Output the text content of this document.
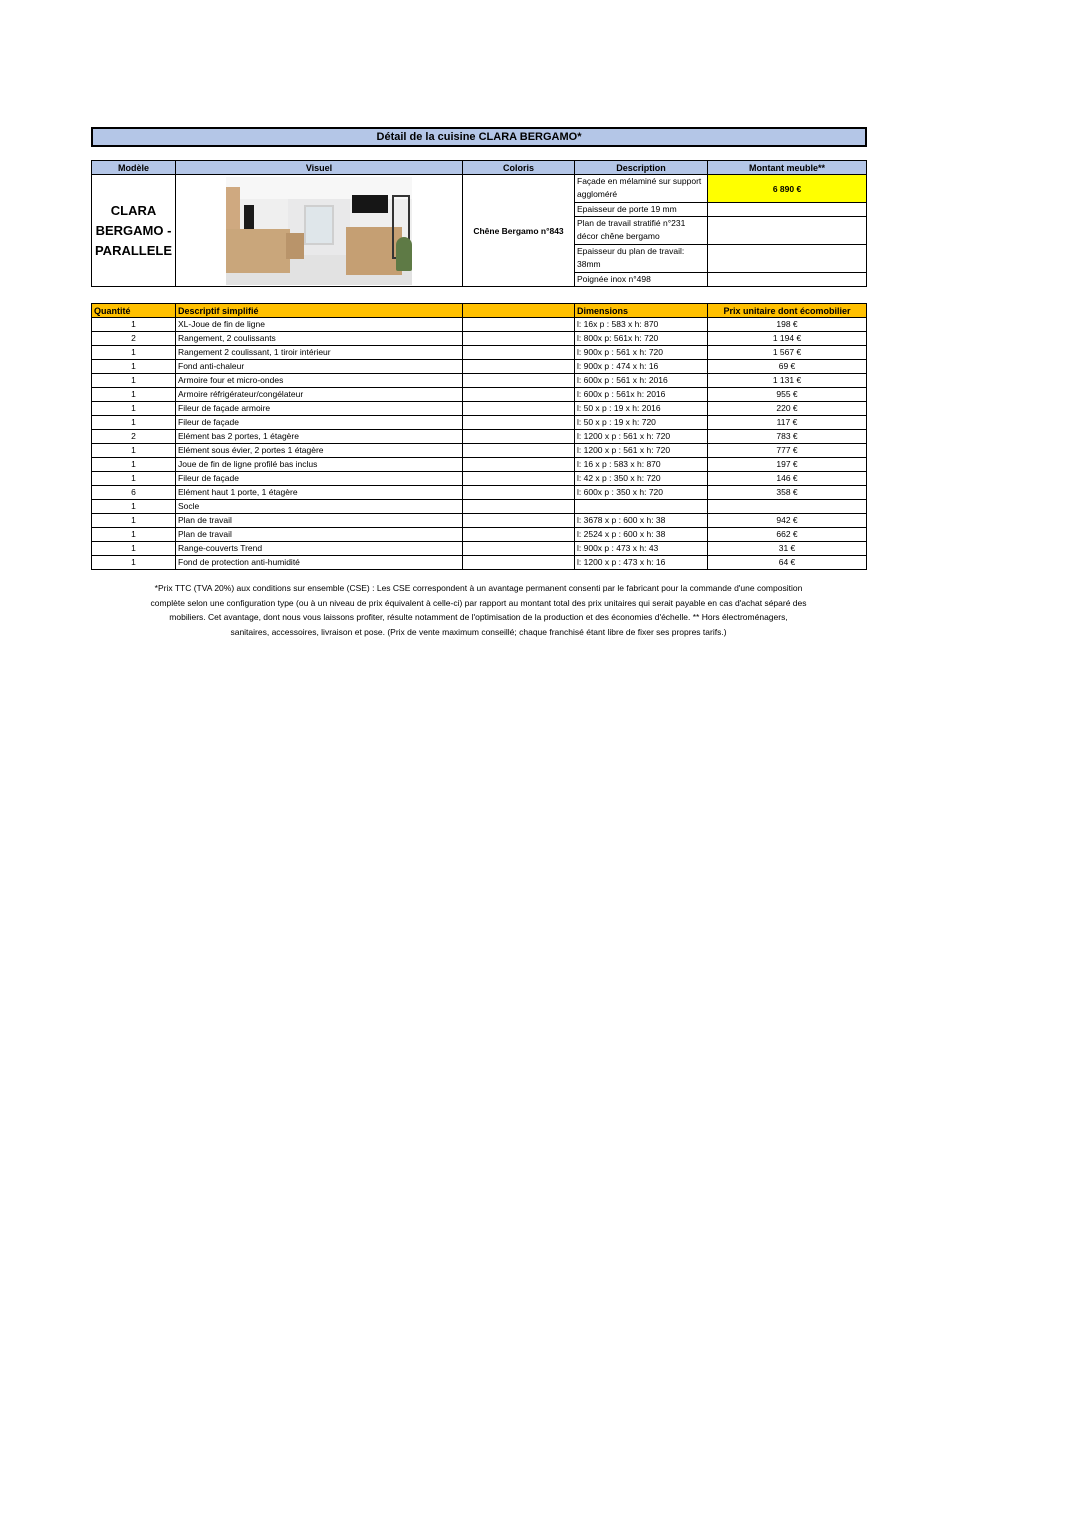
Détail de la cuisine CLARA BERGAMO*
Modèle	Visuel	Coloris	Description	Montant meuble**
CLARA BERGAMO - PARALLELE		Chêne Bergamo n°843	Façade en mélaminé sur support aggloméré	6 890 €
			Epaisseur de porte 19 mm	
			Plan de travail stratifié n°231 décor chêne bergamo	
			Epaisseur du plan de travail: 38mm	
			Poignée inox n°498	
Quantité	Descriptif simplifié		Dimensions	Prix unitaire dont écomobilier
1	XL-Joue de fin de ligne		l: 16x p : 583 x h: 870	198 €
2	Rangement, 2 coulissants		l: 800x p: 561x h: 720	1 194 €
1	Rangement 2 coulissant, 1 tiroir intérieur		l: 900x p : 561 x h: 720	1 567 €
1	Fond anti-chaleur		l: 900x p : 474 x h: 16	69 €
1	Armoire four et micro-ondes		l: 600x p : 561 x h: 2016	1 131 €
1	Armoire réfrigérateur/congélateur		l: 600x p : 561x h: 2016	955 €
1	Fileur de façade armoire		l: 50 x p : 19 x h: 2016	220 €
1	Fileur de façade		l: 50 x p : 19 x h: 720	117 €
2	Elément bas 2 portes, 1 étagère		l: 1200 x p : 561 x h: 720	783 €
1	Elément sous évier, 2 portes 1 étagère		l: 1200 x p : 561 x h: 720	777 €
1	Joue de fin de ligne profilé bas inclus		l: 16 x p : 583 x h: 870	197 €
1	Fileur de façade		l: 42 x p : 350 x h: 720	146 €
6	Elément haut 1 porte, 1 étagère		l: 600x p : 350 x h: 720	358 €
1	Socle			
1	Plan de travail		l: 3678 x p : 600 x h: 38	942 €
1	Plan de travail		l: 2524 x p : 600 x h: 38	662 €
1	Range-couverts Trend		l: 900x p : 473 x h: 43	31 €
1	Fond de protection anti-humidité		l: 1200 x p : 473 x h: 16	64 €
*Prix TTC (TVA 20%) aux conditions sur ensemble (CSE) : Les CSE correspondent à un avantage permanent consenti par le fabricant pour la commande d'une composition
complète selon une configuration type (ou à un niveau de prix équivalent à celle-ci) par rapport au montant total des prix unitaires qui serait payable en cas d'achat séparé des
mobiliers. Cet avantage, dont nous vous laissons profiter, résulte notamment de l'optimisation de la production et des économies d'échelle. ** Hors électroménagers,
sanitaires, accessoires, livraison et pose. (Prix de vente maximum conseillé; chaque franchisé étant libre de fixer ses propres tarifs.)
